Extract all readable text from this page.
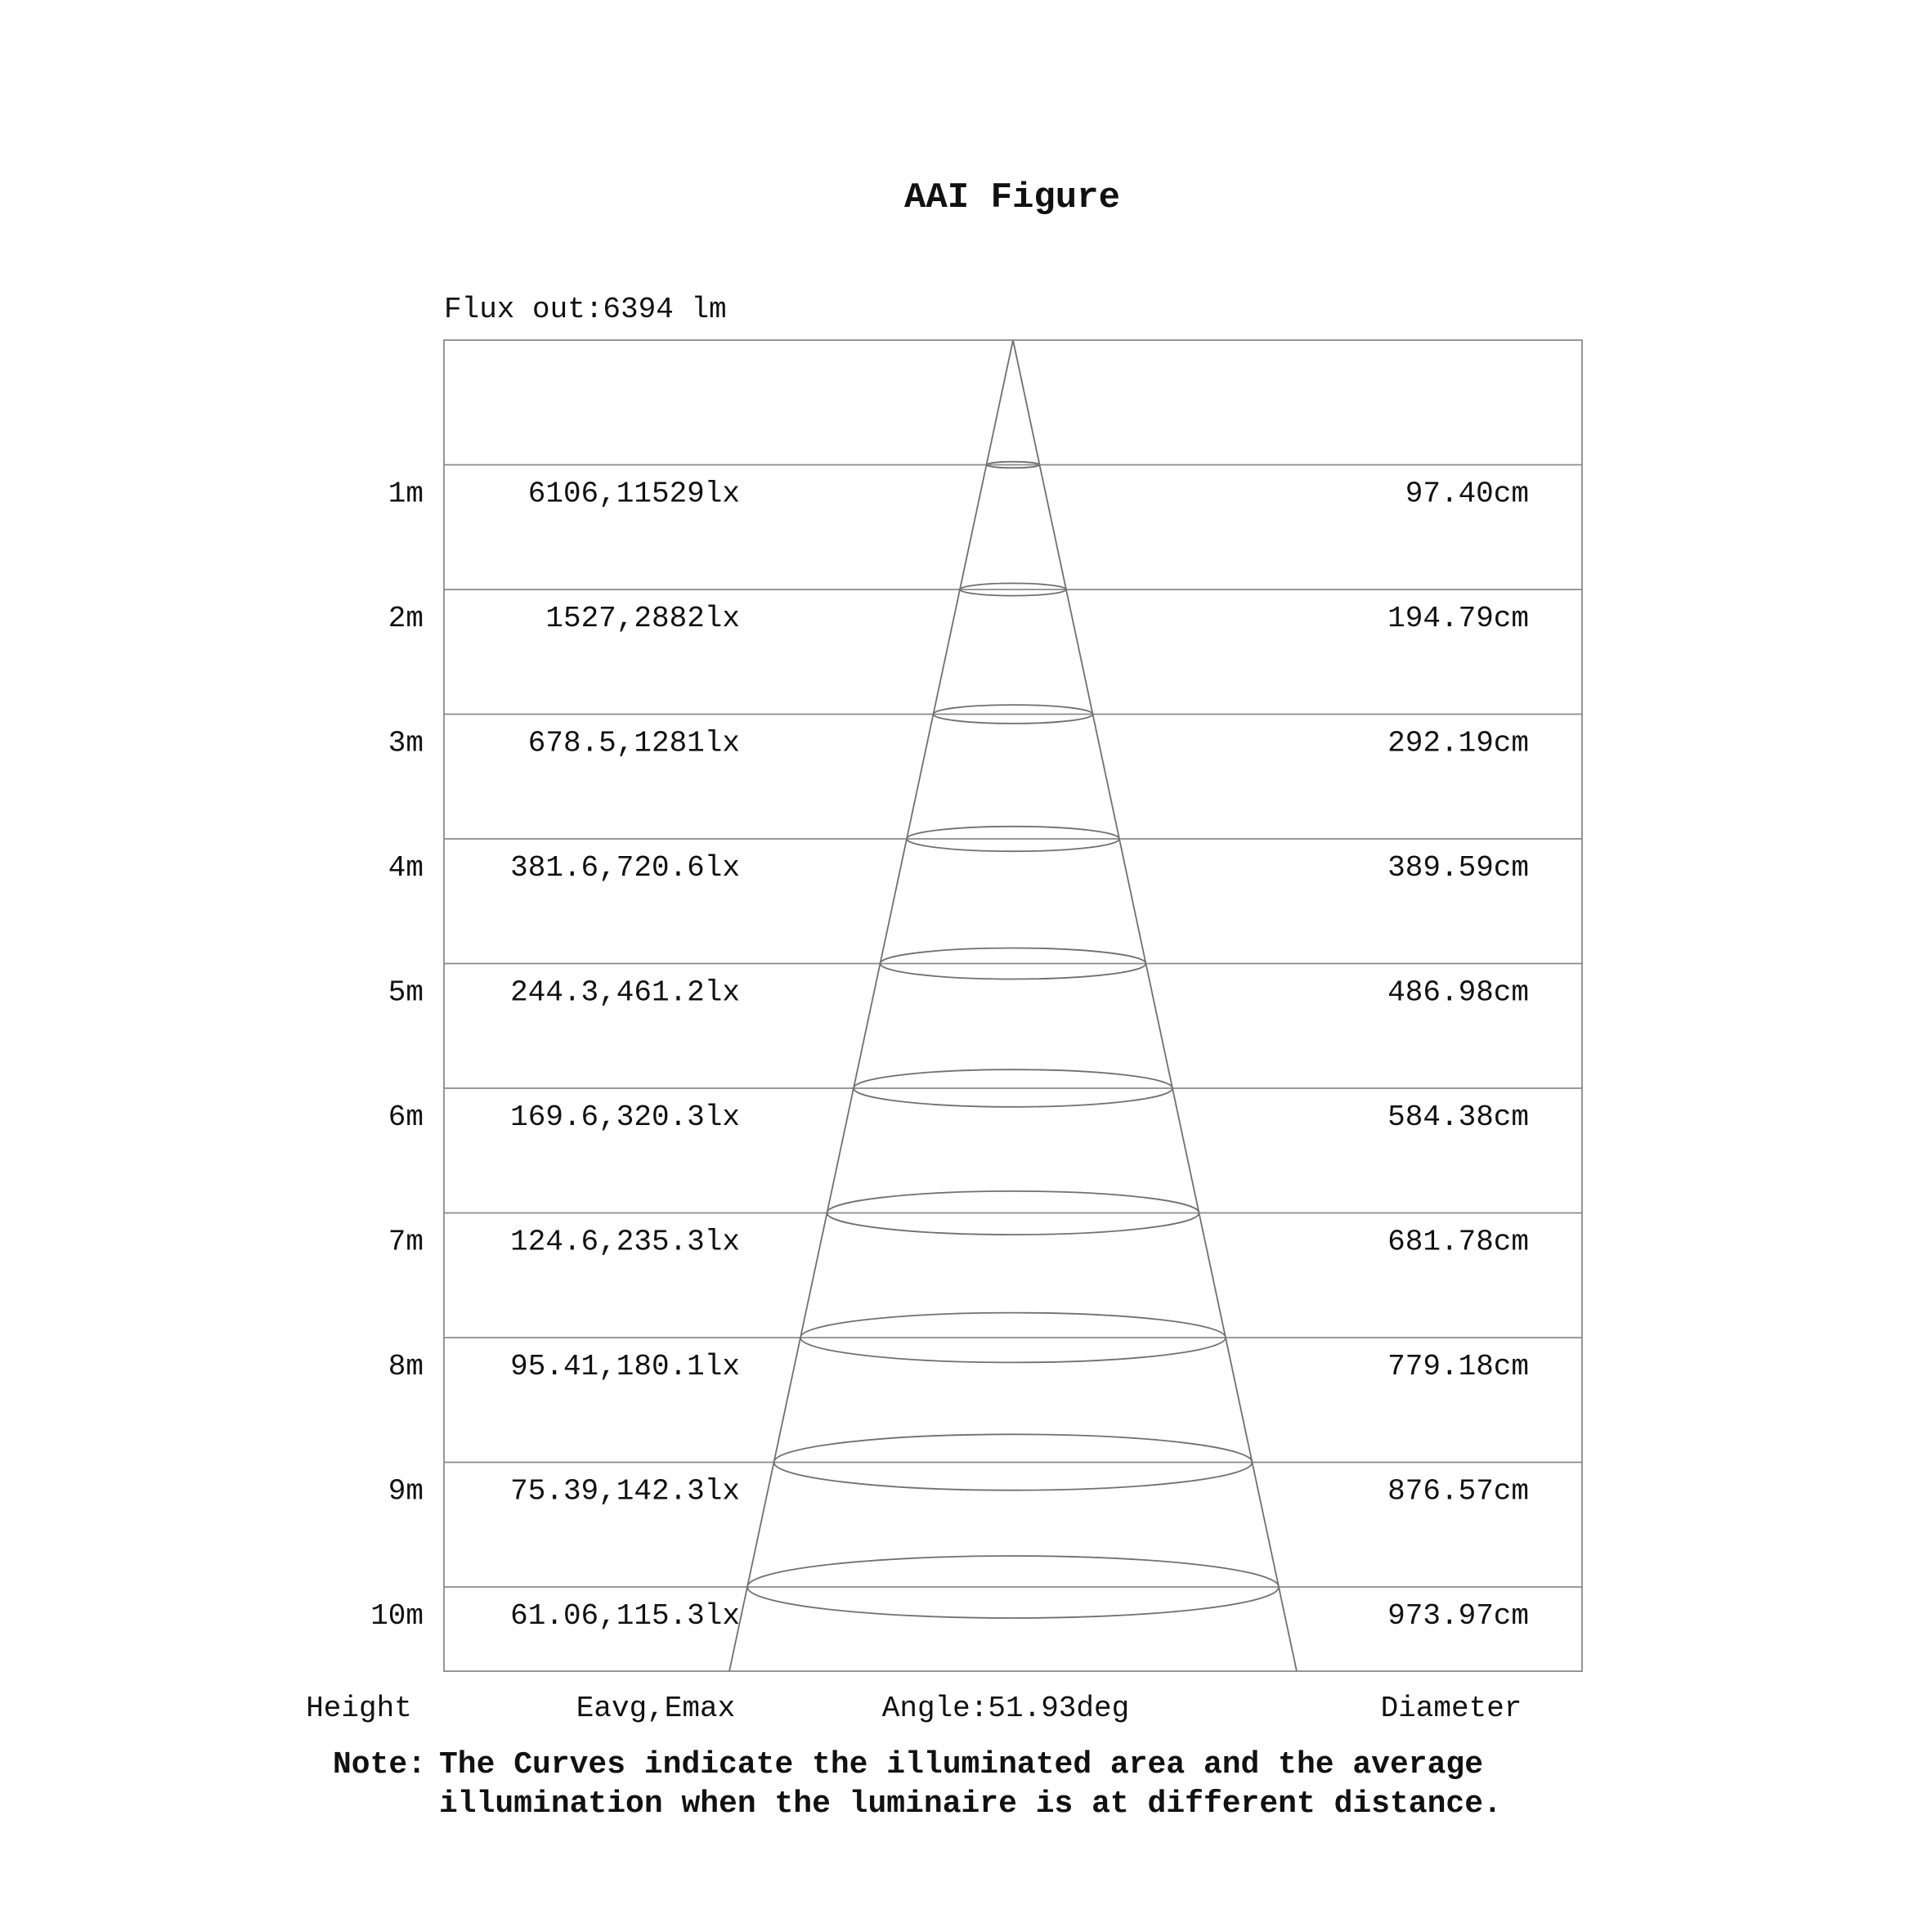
AAI Figure
Flux out:6394 lm
1m	6106,11529lx	97.40cm
2m	1527,2882lx	194.79cm
3m	678.5,1281lx	292.19cm
4m	381.6,720.6lx	389.59cm
5m	244.3,461.2lx	486.98cm
6m	169.6,320.3lx	584.38cm
7m	124.6,235.3lx	681.78cm
8m	95.41,180.1lx	779.18cm
9m	75.39,142.3lx	876.57cm
10m	61.06,115.3lx	973.97cm
Height	Eavg,Emax	Angle:51.93deg	Diameter
Note: The Curves indicate the illuminated area and the average
illumination when the luminaire is at different distance.
